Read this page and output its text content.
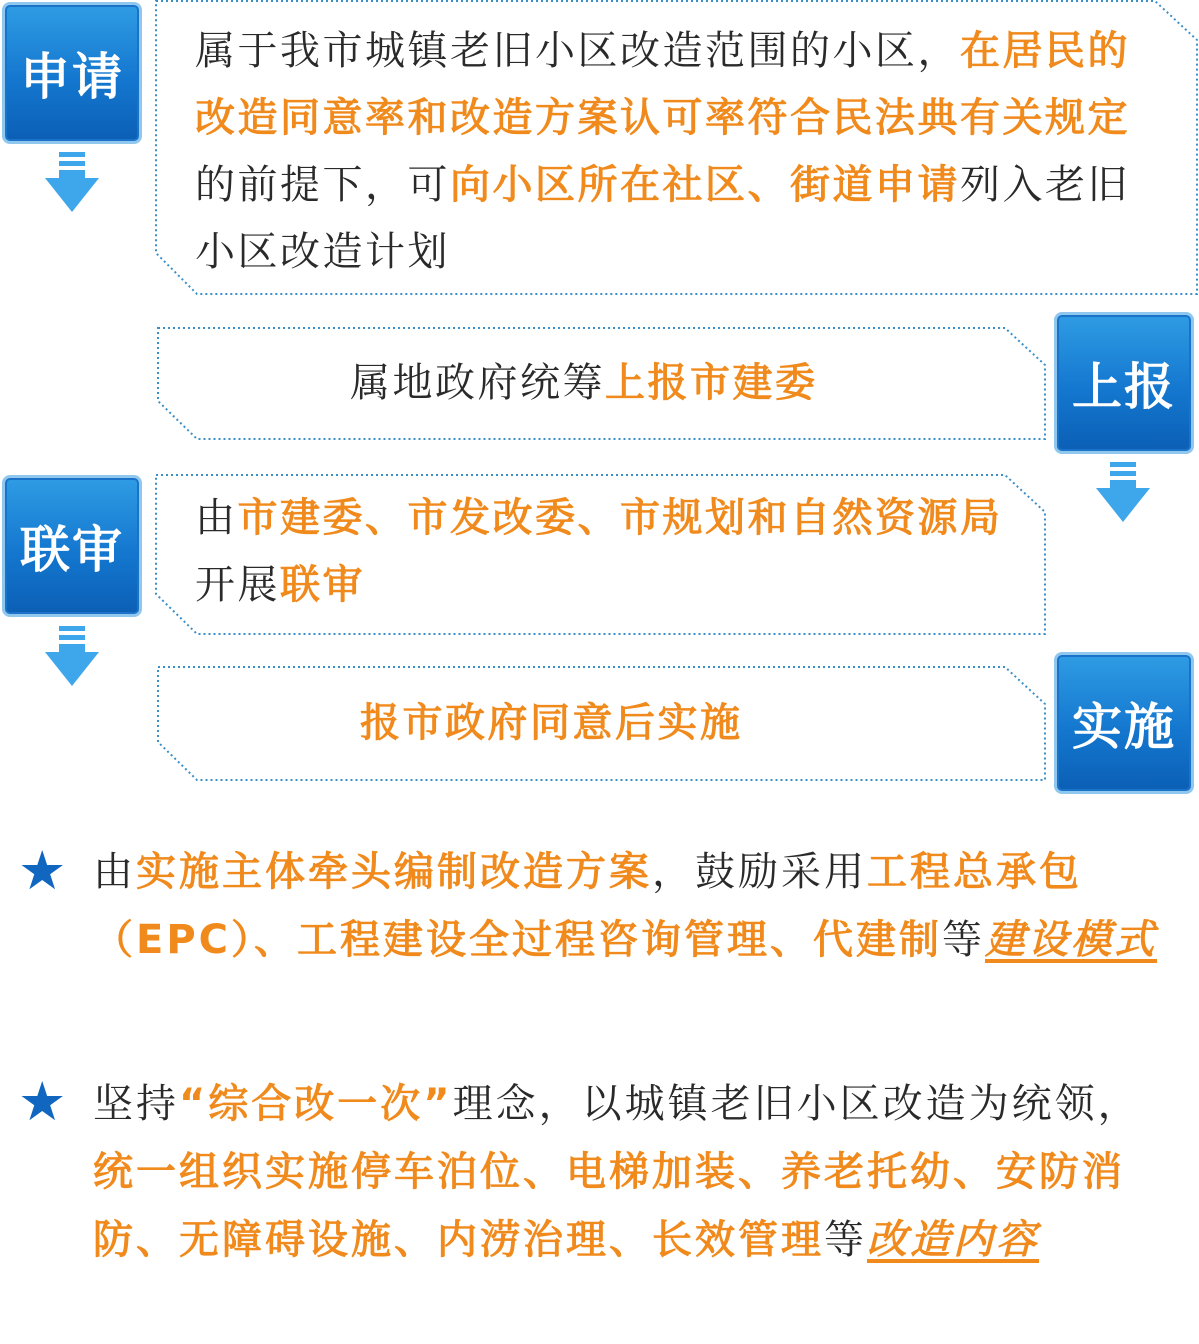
申请 属于我市城镇老旧小区改造范围的小区，在居民的改造同意率和改造方案认可率符合民法典有关规定的前提下，可向小区所在社区、街道申请列入老旧小区改造计划
属地政府统筹上报市建委	上报
联审
由市建委、市发改委、市规划和自然资源局开展联审
报市政府同意后实施	实施
★ 由实施主体牵头编制改造方案，鼓励采用工程总承包（EPC）、工程建设全过程咨询管理、代建制等建设模式
★ 坚持“综合改一次”理念，以城镇老旧小区改造为统领，统一组织实施停车泊位、电梯加装、养老托幼、安防消防、无障碍设施、内涝治理、长效管理等改造内容
